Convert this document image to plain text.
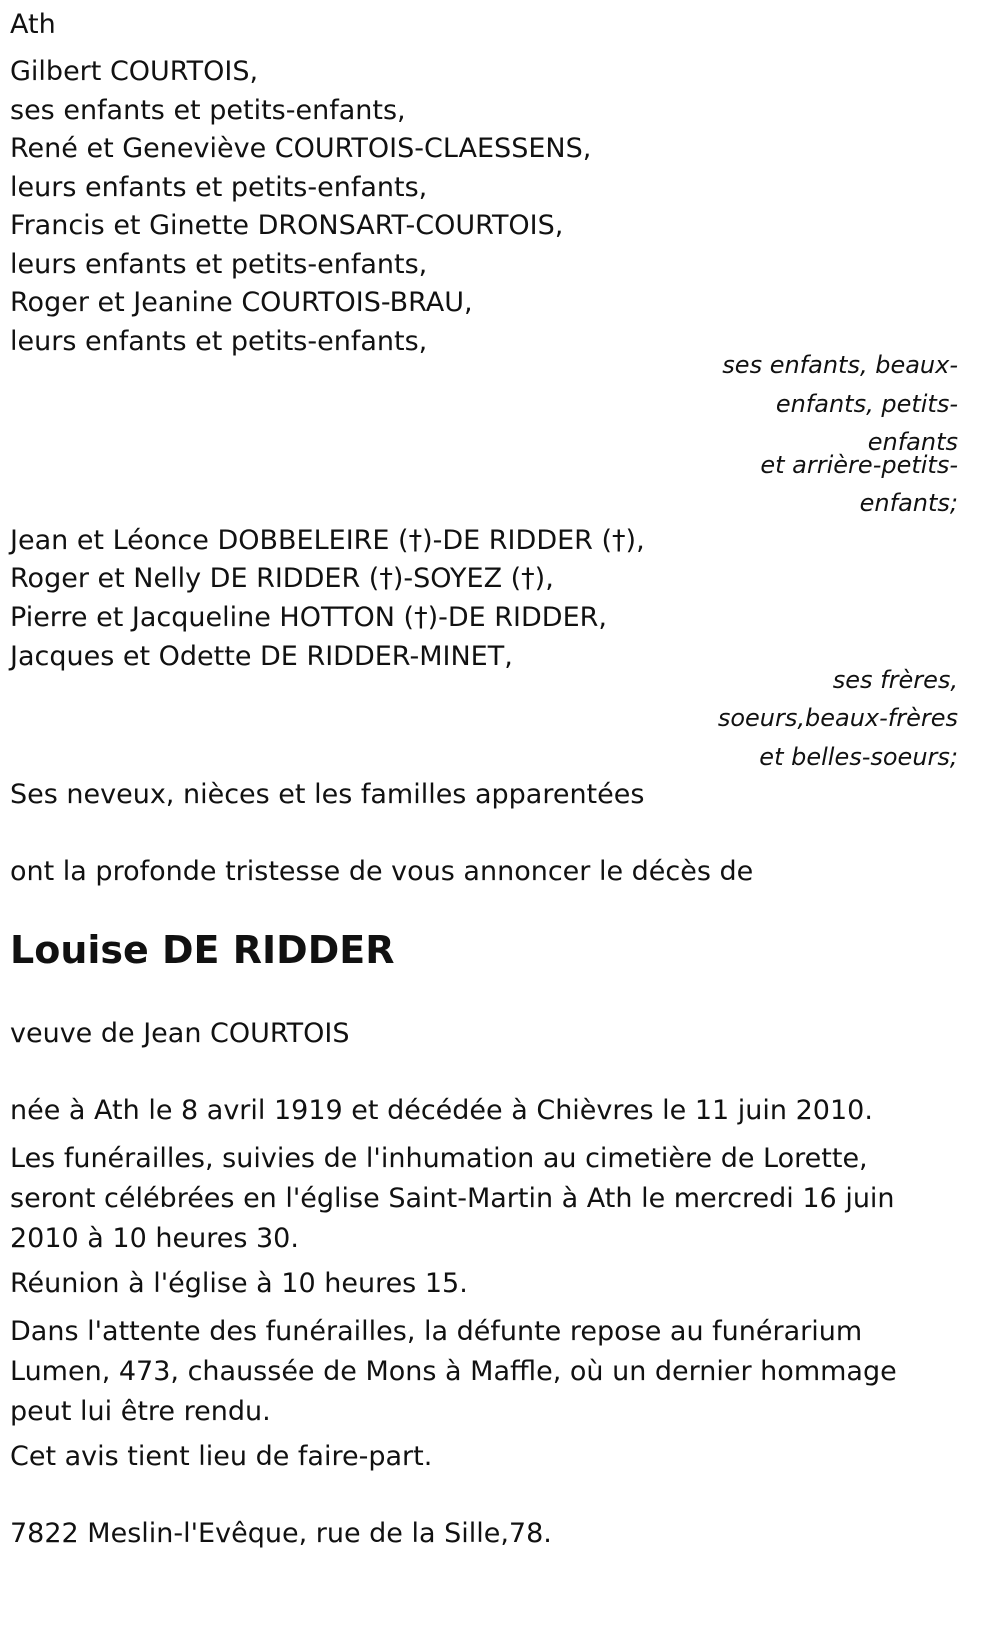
Ath

Gilbert COURTOIS,

ses enfants et petits-enfants,

René et Geneviève COURTOIS-CLAESSENS,

leurs enfants et petits-enfants,

Francis et Ginette DRONSART-COURTOIS,

leurs enfants et petits-enfants,

Roger et Jeanine COURTOIS-BRAU,

leurs enfants et petits-enfants,

ses enfants, beaux-
enfants, petits-
enfants
et arrière-petits-
enfants;

Jean et Léonce DOBBELEIRE (†)-DE RIDDER (†),

Roger et Nelly DE RIDDER (†)-SOYEZ (†),

Pierre et Jacqueline HOTTON (†)-DE RIDDER,

Jacques et Odette DE RIDDER-MINET,

ses frères,
soeurs,beaux-frères
et belles-soeurs;

Ses neveux, nièces et les familles apparentées

ont la profonde tristesse de vous annoncer le décès de

Louise DE RIDDER

veuve de Jean COURTOIS

née à Ath le 8 avril 1919 et décédée à Chièvres le 11 juin 2010.

Les funérailles, suivies de l'inhumation au cimetière de Lorette, seront célébrées en l'église Saint-Martin à Ath le mercredi 16 juin 2010 à 10 heures 30.

Réunion à l'église à 10 heures 15.

Dans l'attente des funérailles, la défunte repose au funérarium Lumen, 473, chaussée de Mons à Maffle, où un dernier hommage peut lui être rendu.

Cet avis tient lieu de faire-part.

7822 Meslin-l'Evêque, rue de la Sille,78.
